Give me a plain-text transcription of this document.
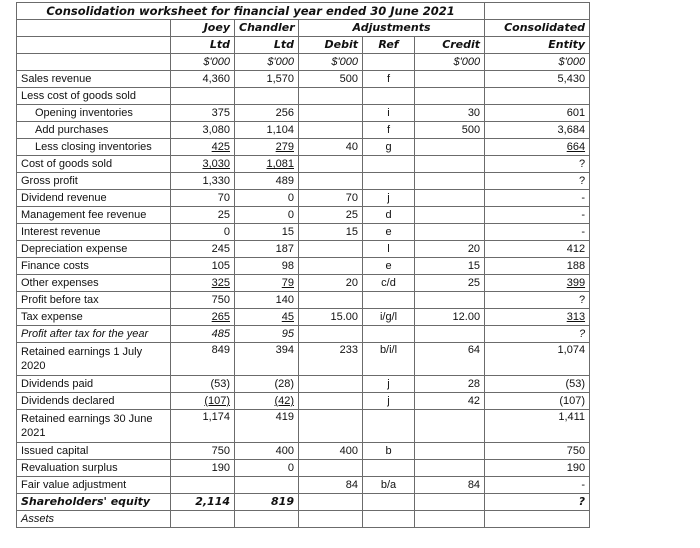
Consolidation worksheet for financial year ended 30 June 2021						
	Joey	Chandler	Adjustments			Consolidated
	Ltd	Ltd	Debit	Ref	Credit	Entity
	$'000	$'000	$'000		$'000	$'000
Sales revenue	4,360	1,570	500	f		5,430
Less cost of goods sold						
Opening inventories	375	256		i	30	601
Add purchases	3,080	1,104		f	500	3,684
Less closing inventories	425	279	40	g		664
Cost of goods sold	3,030	1,081				?
Gross profit	1,330	489				?
Dividend revenue	70	0	70	j		-
Management fee revenue	25	0	25	d		-
Interest revenue	0	15	15	e		-
Depreciation expense	245	187		l	20	412
Finance costs	105	98		e	15	188
Other expenses	325	79	20	c/d	25	399
Profit before tax	750	140				?
Tax expense	265	45	15.00	i/g/l	12.00	313
Profit after tax for the year	485	95				?
Retained earnings 1 July 2020	849	394	233	b/i/l	64	1,074
Dividends paid	(53)	(28)		j	28	(53)
Dividends declared	(107)	(42)		j	42	(107)
Retained earnings 30 June 2021	1,174	419				1,411
Issued capital	750	400	400	b		750
Revaluation surplus	190	0				190
Fair value adjustment			84	b/a	84	-
Shareholders' equity	2,114	819				?
Assets						
